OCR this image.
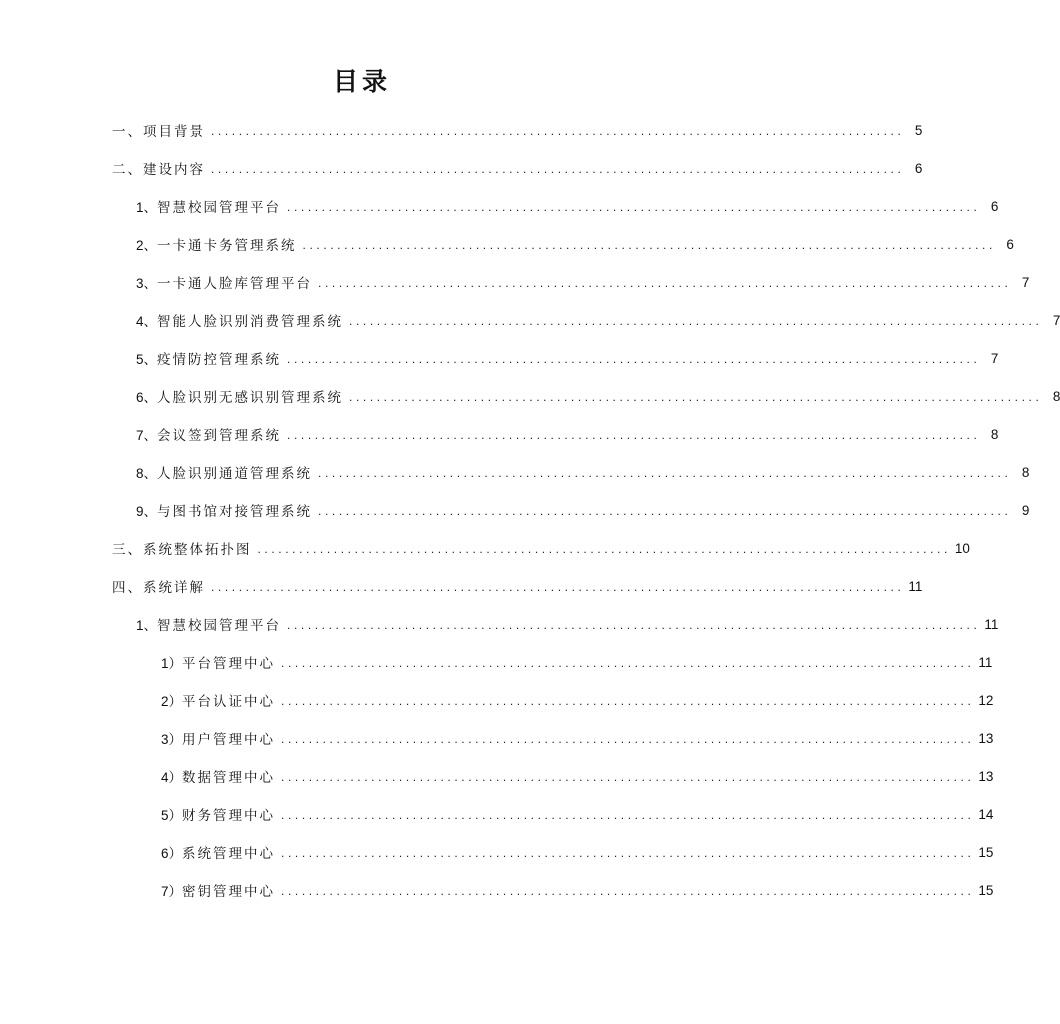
目录
一、 项目背景 .................................................................................................... 5
二、 建设内容 .................................................................................................... 6
1、 智慧校园管理平台 .................................................................................................... 6
2、 一卡通卡务管理系统 .................................................................................................... 6
3、 一卡通人脸库管理平台 .................................................................................................... 7
4、 智能人脸识别消费管理系统 .................................................................................................... 7
5、 疫情防控管理系统 .................................................................................................... 7
6、 人脸识别无感识别管理系统 .................................................................................................... 8
7、 会议签到管理系统 .................................................................................................... 8
8、 人脸识别通道管理系统 .................................................................................................... 8
9、 与图书馆对接管理系统 .................................................................................................... 9
三、 系统整体拓扑图 .................................................................................................... 10
四、 系统详解 .................................................................................................... 11
1、 智慧校园管理平台 .................................................................................................... 11
1） 平台管理中心 .................................................................................................... 11
2） 平台认证中心 .................................................................................................... 12
3） 用户管理中心 .................................................................................................... 13
4） 数据管理中心 .................................................................................................... 13
5） 财务管理中心 .................................................................................................... 14
6） 系统管理中心 .................................................................................................... 15
7） 密钥管理中心 .................................................................................................... 15
